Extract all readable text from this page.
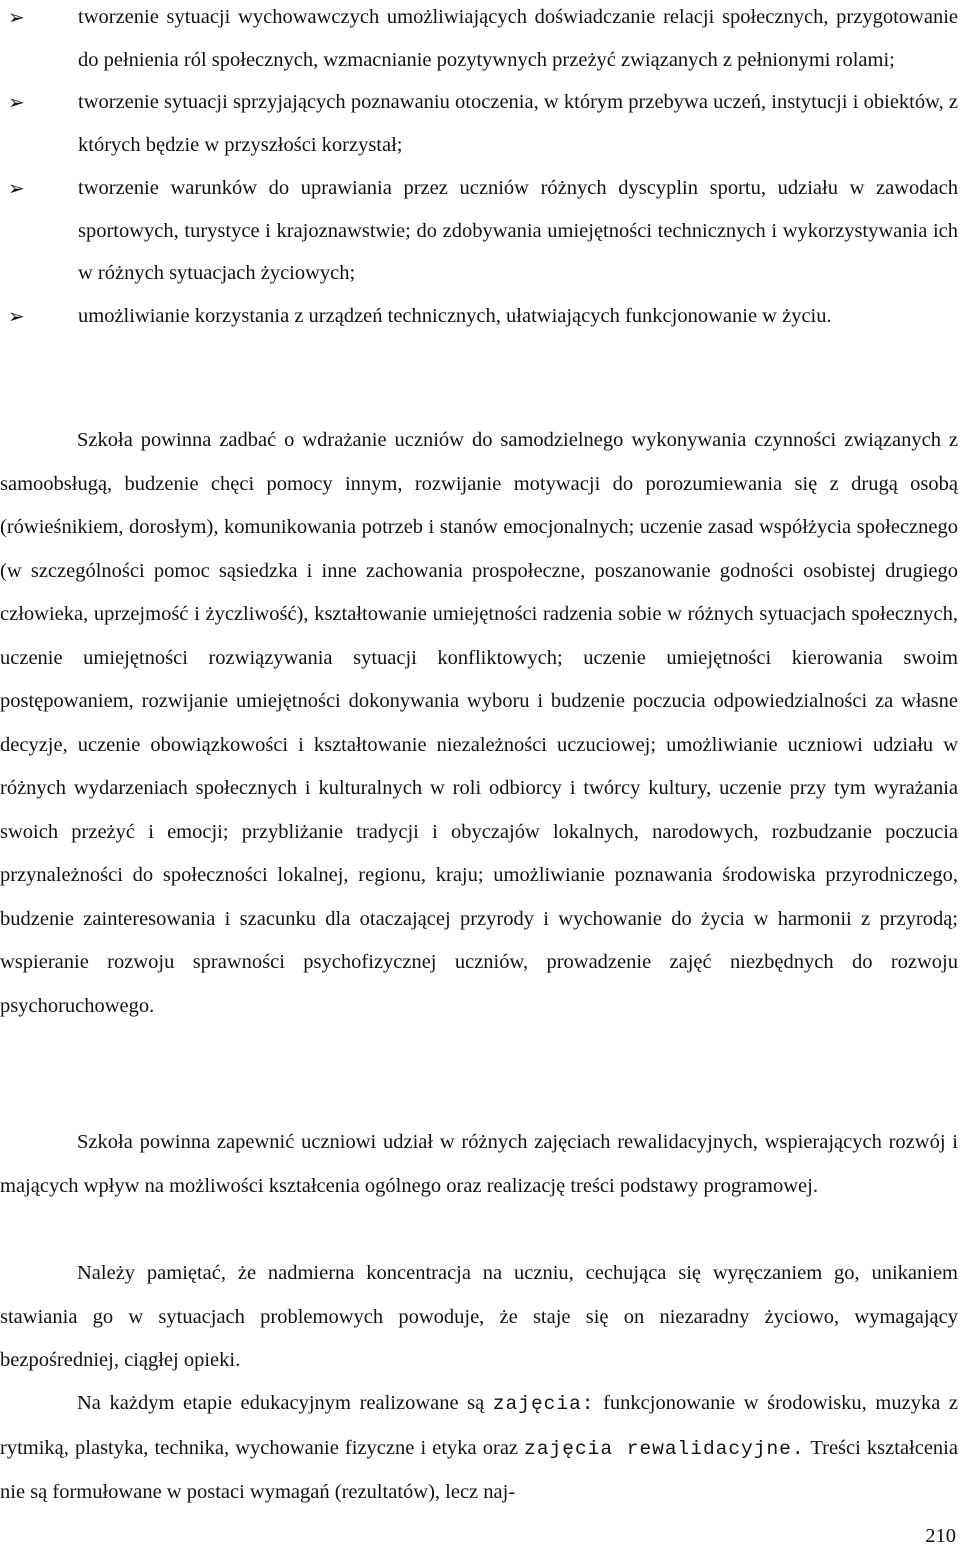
➢	tworzenie sytuacji wychowawczych umożliwiających doświadczanie relacji społecznych, przygotowanie do pełnienia ról społecznych, wzmacnianie pozytywnych przeżyć związanych z pełnionymi rolami;
➢	tworzenie sytuacji sprzyjających poznawaniu otoczenia, w którym przebywa uczeń, instytucji i obiektów, z których będzie w przyszłości korzystał;
➢	tworzenie warunków do uprawiania przez uczniów różnych dyscyplin sportu, udziału w zawodach sportowych, turystyce i krajoznawstwie; do zdobywania umiejętności technicznych i wykorzystywania ich w różnych sytuacjach życiowych;
➢	umożliwianie korzystania z urządzeń technicznych, ułatwiających funkcjonowanie w życiu.

Szkoła powinna zadbać o wdrażanie uczniów do samodzielnego wykonywania czynności związanych z samoobsługą, budzenie chęci pomocy innym, rozwijanie motywacji do porozumiewania się z drugą osobą (rówieśnikiem, dorosłym), komunikowania potrzeb i stanów emocjonalnych; uczenie zasad współżycia społecznego (w szczególności pomoc sąsiedzka i inne zachowania prospołeczne, poszanowanie godności osobistej drugiego człowieka, uprzejmość i życzliwość), kształtowanie umiejętności radzenia sobie w różnych sytuacjach społecznych, uczenie umiejętności rozwiązywania sytuacji konfliktowych; uczenie umiejętności kierowania swoim postępowaniem, rozwijanie umiejętności dokonywania wyboru i budzenie poczucia odpowiedzialności za własne decyzje, uczenie obowiązkowości i kształtowanie niezależności uczuciowej; umożliwianie uczniowi udziału w różnych wydarzeniach społecznych i kulturalnych w roli odbiorcy i twórcy kultury, uczenie przy tym wyrażania swoich przeżyć i emocji; przybliżanie tradycji i obyczajów lokalnych, narodowych, rozbudzanie poczucia przynależności do społeczności lokalnej, regionu, kraju; umożliwianie poznawania środowiska przyrodniczego, budzenie zainteresowania i szacunku dla otaczającej przyrody i wychowanie do życia w harmonii z przyrodą; wspieranie rozwoju sprawności psychofizycznej uczniów, prowadzenie zajęć niezbędnych do rozwoju psychoruchowego.

Szkoła powinna zapewnić uczniowi udział w różnych zajęciach rewalidacyjnych, wspierających rozwój i mających wpływ na możliwości kształcenia ogólnego oraz realizację treści podstawy programowej.

Należy pamiętać, że nadmierna koncentracja na uczniu, cechująca się wyręczaniem go, unikaniem stawiania go w sytuacjach problemowych powoduje, że staje się on niezaradny życiowo, wymagający bezpośredniej, ciągłej opieki.

Na każdym etapie edukacyjnym realizowane są zajęcia: funkcjonowanie w środowisku, muzyka z rytmiką, plastyka, technika, wychowanie fizyczne i etyka oraz zajęcia rewalidacyjne. Treści kształcenia nie są formułowane w postaci wymagań (rezultatów), lecz naj-

210
